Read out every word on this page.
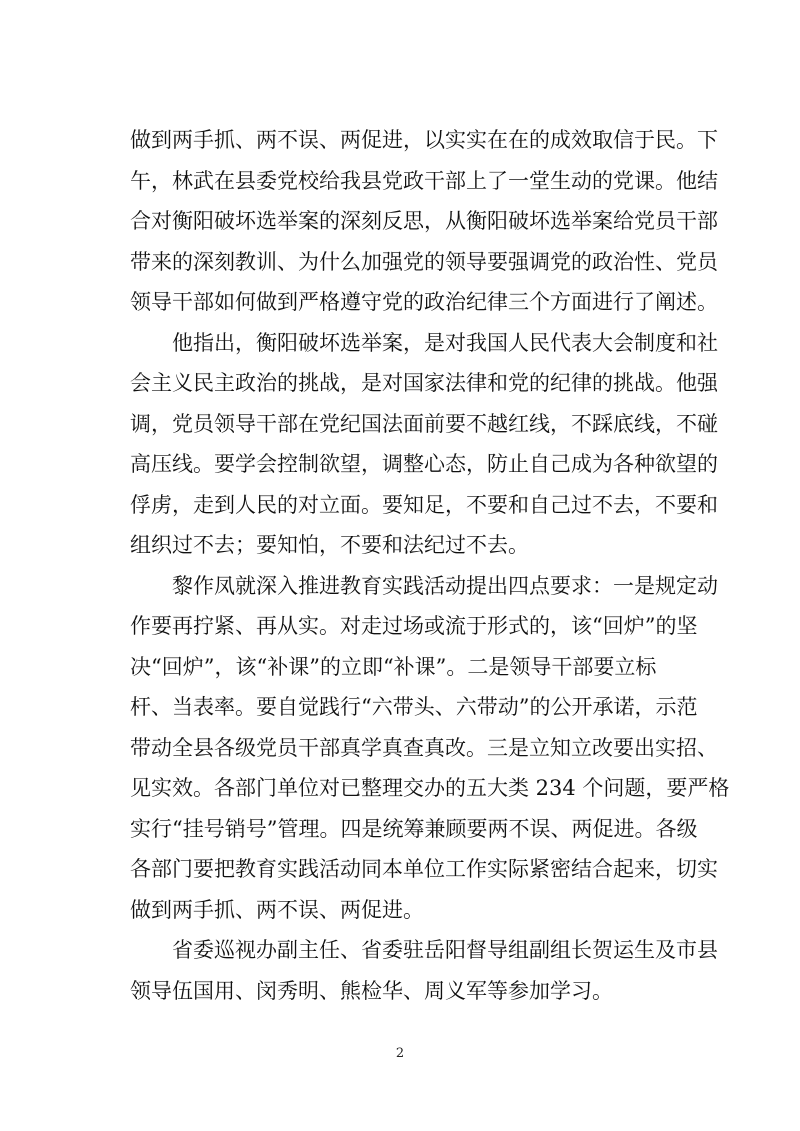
做到两手抓、两不误、两促进，以实实在在的成效取信于民。下
午，林武在县委党校给我县党政干部上了一堂生动的党课。他结
合对衡阳破坏选举案的深刻反思，从衡阳破坏选举案给党员干部
带来的深刻教训、为什么加强党的领导要强调党的政治性、党员
领导干部如何做到严格遵守党的政治纪律三个方面进行了阐述。
　　他指出，衡阳破坏选举案，是对我国人民代表大会制度和社
会主义民主政治的挑战，是对国家法律和党的纪律的挑战。他强
调，党员领导干部在党纪国法面前要不越红线，不踩底线，不碰
高压线。要学会控制欲望，调整心态，防止自己成为各种欲望的
俘虏，走到人民的对立面。要知足，不要和自己过不去，不要和
组织过不去；要知怕，不要和法纪过不去。
　　黎作凤就深入推进教育实践活动提出四点要求：一是规定动
作要再拧紧、再从实。对走过场或流于形式的，该“回炉”的坚
决“回炉”，该“补课”的立即“补课”。二是领导干部要立标
杆、当表率。要自觉践行“六带头、六带动”的公开承诺，示范
带动全县各级党员干部真学真查真改。三是立知立改要出实招、
见实效。各部门单位对已整理交办的五大类 234 个问题，要严格
实行“挂号销号”管理。四是统筹兼顾要两不误、两促进。各级
各部门要把教育实践活动同本单位工作实际紧密结合起来，切实
做到两手抓、两不误、两促进。
　　省委巡视办副主任、省委驻岳阳督导组副组长贺运生及市县
领导伍国用、闵秀明、熊检华、周义军等参加学习。
2
